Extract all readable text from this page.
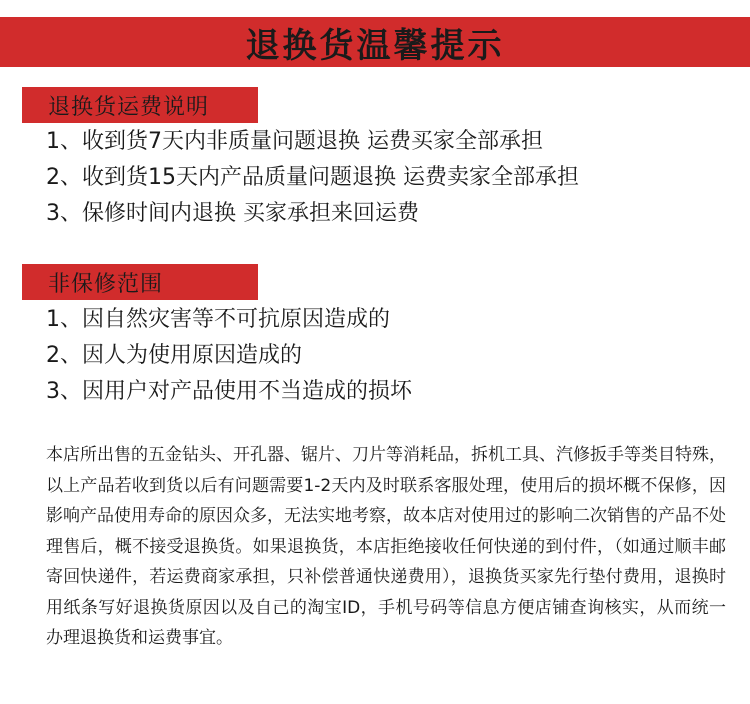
退换货温馨提示
退换货运费说明
1、收到货7天内非质量问题退换 运费买家全部承担
2、收到货15天内产品质量问题退换 运费卖家全部承担
3、保修时间内退换 买家承担来回运费
非保修范围
1、因自然灾害等不可抗原因造成的
2、因人为使用原因造成的
3、因用户对产品使用不当造成的损坏

本店所出售的五金钻头、开孔器、锯片、刀片等消耗品，拆机工具、汽修扳手等类目特殊，以上产品若收到货以后有问题需要1-2天内及时联系客服处理，使用后的损坏概不保修，因影响产品使用寿命的原因众多，无法实地考察，故本店对使用过的影响二次销售的产品不处理售后，概不接受退换货。如果退换货，本店拒绝接收任何快递的到付件，（如通过顺丰邮寄回快递件，若运费商家承担，只补偿普通快递费用），退换货买家先行垫付费用，退换时用纸条写好退换货原因以及自己的淘宝ID，手机号码等信息方便店铺查询核实，从而统一办理退换货和运费事宜。
